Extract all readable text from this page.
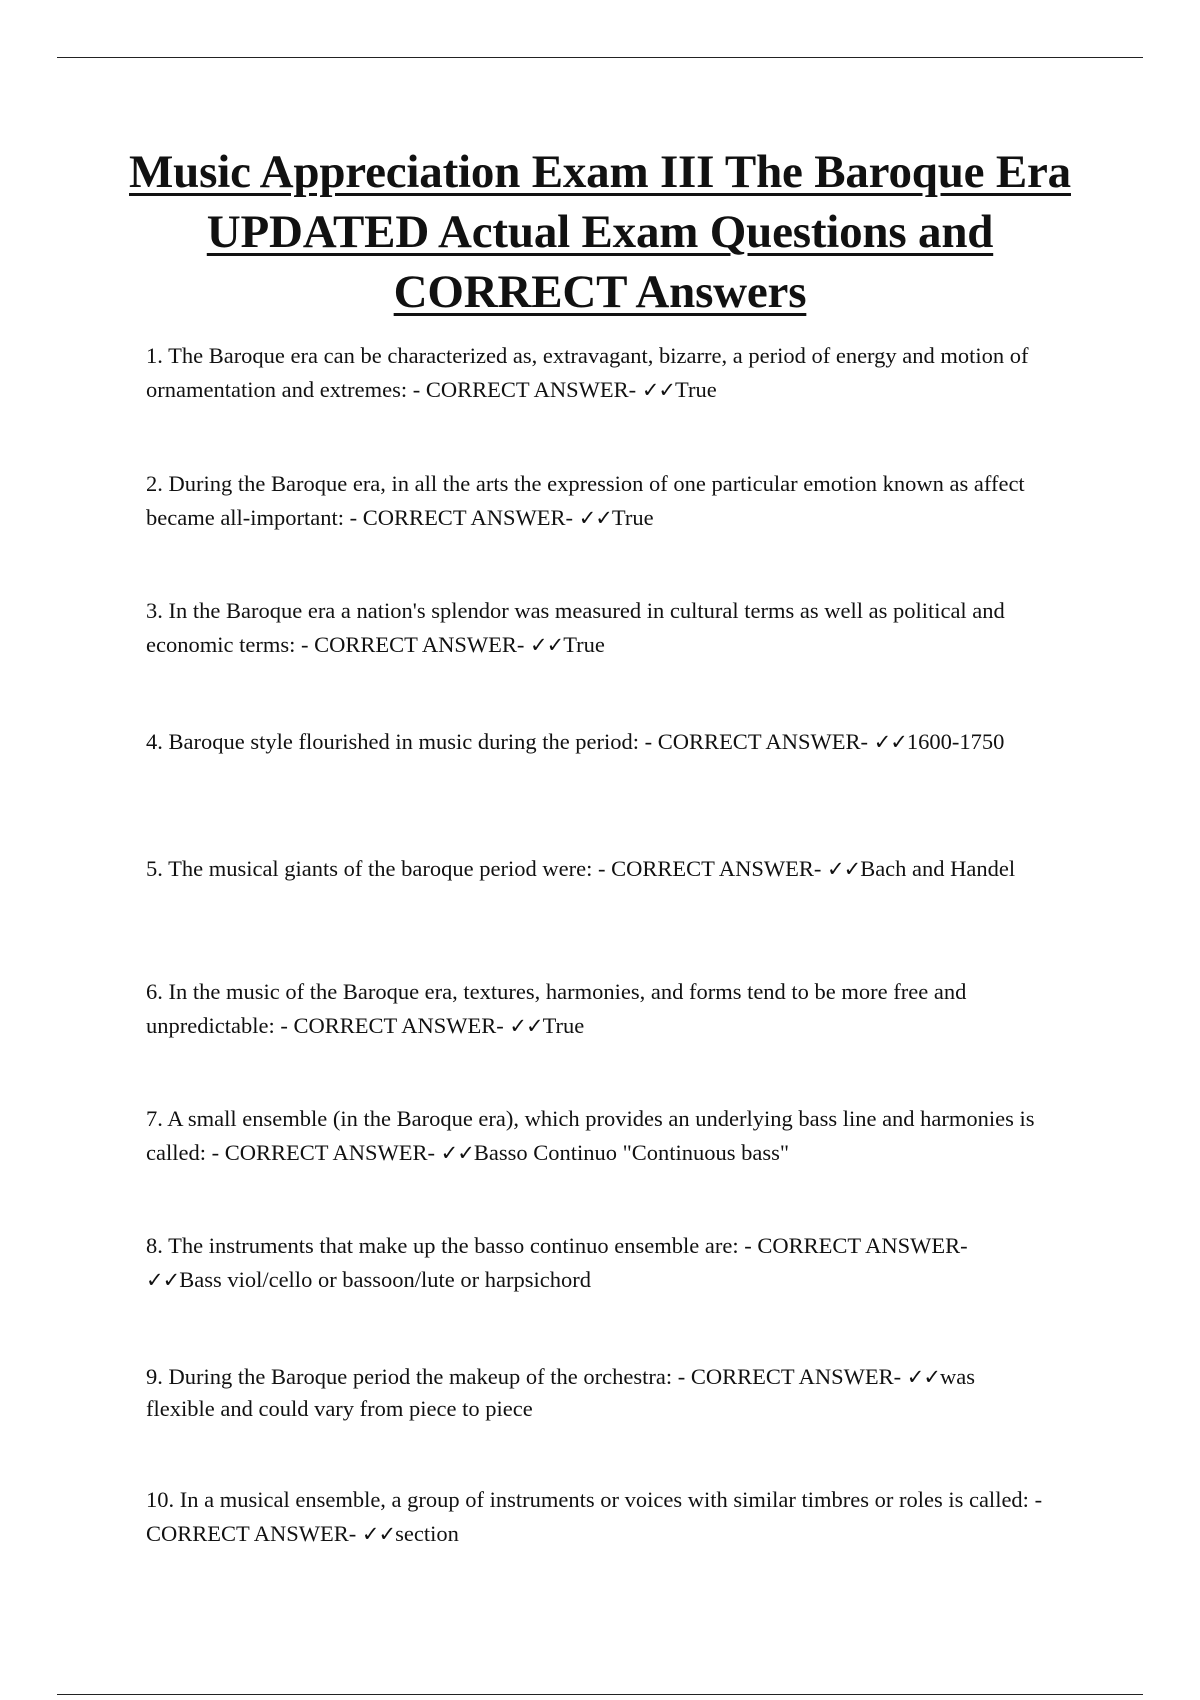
Music Appreciation Exam III The Baroque Era UPDATED Actual Exam Questions and CORRECT Answers

1. The Baroque era can be characterized as, extravagant, bizarre, a period of energy and motion of ornamentation and extremes: - CORRECT ANSWER- ✓✓True

2. During the Baroque era, in all the arts the expression of one particular emotion known as affect became all-important: - CORRECT ANSWER- ✓✓True

3. In the Baroque era a nation's splendor was measured in cultural terms as well as political and economic terms: - CORRECT ANSWER- ✓✓True

4. Baroque style flourished in music during the period: - CORRECT ANSWER- ✓✓1600-1750

5. The musical giants of the baroque period were: - CORRECT ANSWER- ✓✓Bach and Handel

6. In the music of the Baroque era, textures, harmonies, and forms tend to be more free and unpredictable: - CORRECT ANSWER- ✓✓True

7. A small ensemble (in the Baroque era), which provides an underlying bass line and harmonies is called: - CORRECT ANSWER- ✓✓Basso Continuo "Continuous bass"

8. The instruments that make up the basso continuo ensemble are: - CORRECT ANSWER- ✓✓Bass viol/cello or bassoon/lute or harpsichord

9. During the Baroque period the makeup of the orchestra: - CORRECT ANSWER- ✓✓was flexible and could vary from piece to piece

10. In a musical ensemble, a group of instruments or voices with similar timbres or roles is called: - CORRECT ANSWER- ✓✓section
